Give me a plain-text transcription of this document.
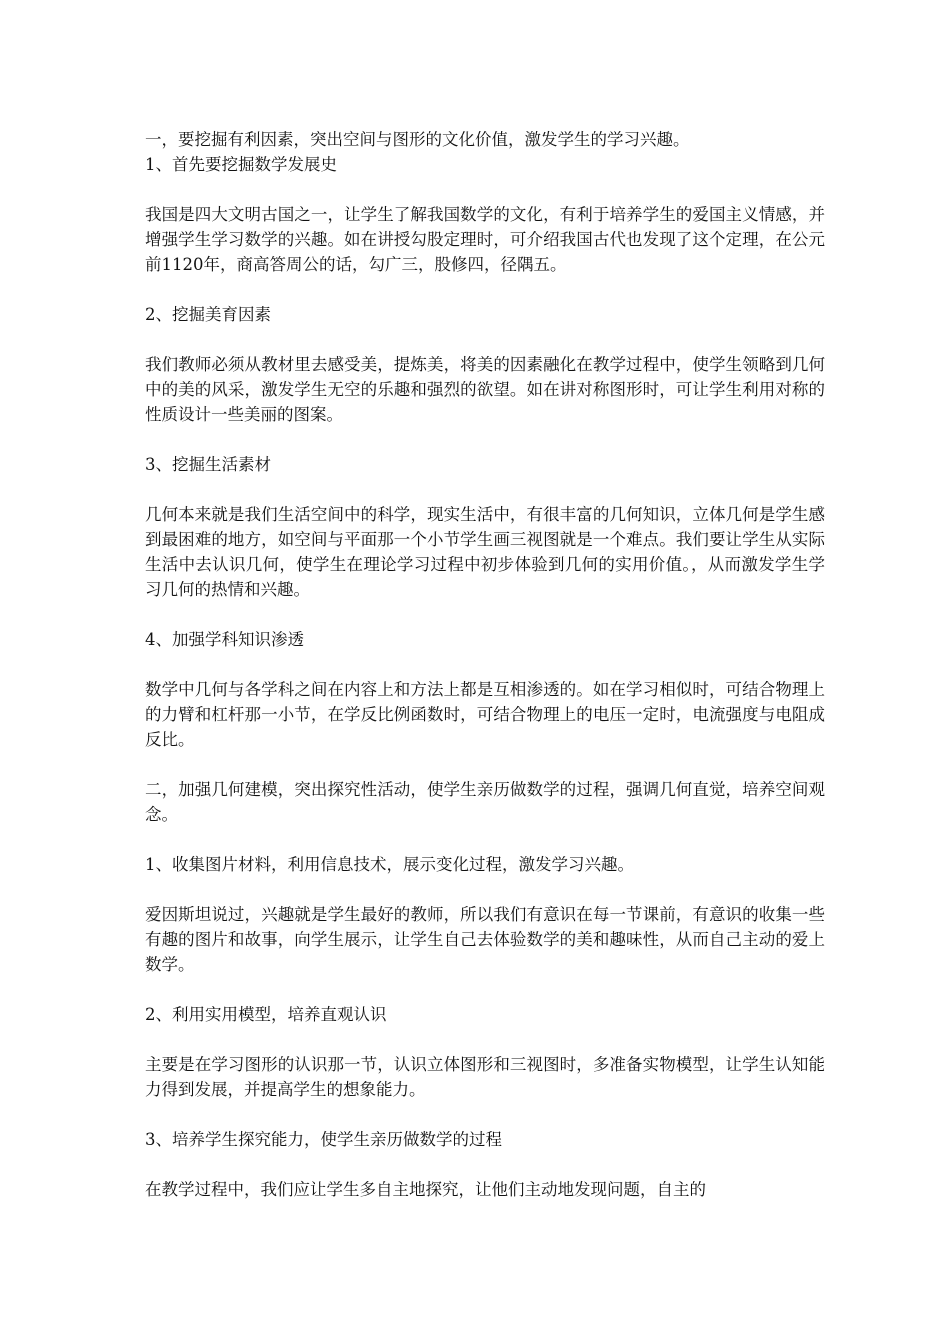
一，要挖掘有利因素，突出空间与图形的文化价值，激发学生的学习兴趣。

1、首先要挖掘数学发展史

我国是四大文明古国之一，让学生了解我国数学的文化，有利于培养学生的爱国主义情感，并增强学生学习数学的兴趣。如在讲授勾股定理时，可介绍我国古代也发现了这个定理，在公元前1120年，商高答周公的话，勾广三，股修四，径隅五。

2、挖掘美育因素

我们教师必须从教材里去感受美，提炼美，将美的因素融化在教学过程中，使学生领略到几何中的美的风采，激发学生无空的乐趣和强烈的欲望。如在讲对称图形时，可让学生利用对称的性质设计一些美丽的图案。

3、挖掘生活素材

几何本来就是我们生活空间中的科学，现实生活中，有很丰富的几何知识，立体几何是学生感到最困难的地方，如空间与平面那一个小节学生画三视图就是一个难点。我们要让学生从实际生活中去认识几何，使学生在理论学习过程中初步体验到几何的实用价值。，从而激发学生学习几何的热情和兴趣。

4、加强学科知识渗透

数学中几何与各学科之间在内容上和方法上都是互相渗透的。如在学习相似时，可结合物理上的力臂和杠杆那一小节，在学反比例函数时，可结合物理上的电压一定时，电流强度与电阻成反比。

二，加强几何建模，突出探究性活动，使学生亲历做数学的过程，强调几何直觉，培养空间观念。

1、收集图片材料，利用信息技术，展示变化过程，激发学习兴趣。

爱因斯坦说过，兴趣就是学生最好的教师，所以我们有意识在每一节课前，有意识的收集一些有趣的图片和故事，向学生展示，让学生自己去体验数学的美和趣味性，从而自己主动的爱上数学。

2、利用实用模型，培养直观认识

主要是在学习图形的认识那一节，认识立体图形和三视图时，多准备实物模型，让学生认知能力得到发展，并提高学生的想象能力。

3、培养学生探究能力，使学生亲历做数学的过程

在教学过程中，我们应让学生多自主地探究，让他们主动地发现问题，自主的
